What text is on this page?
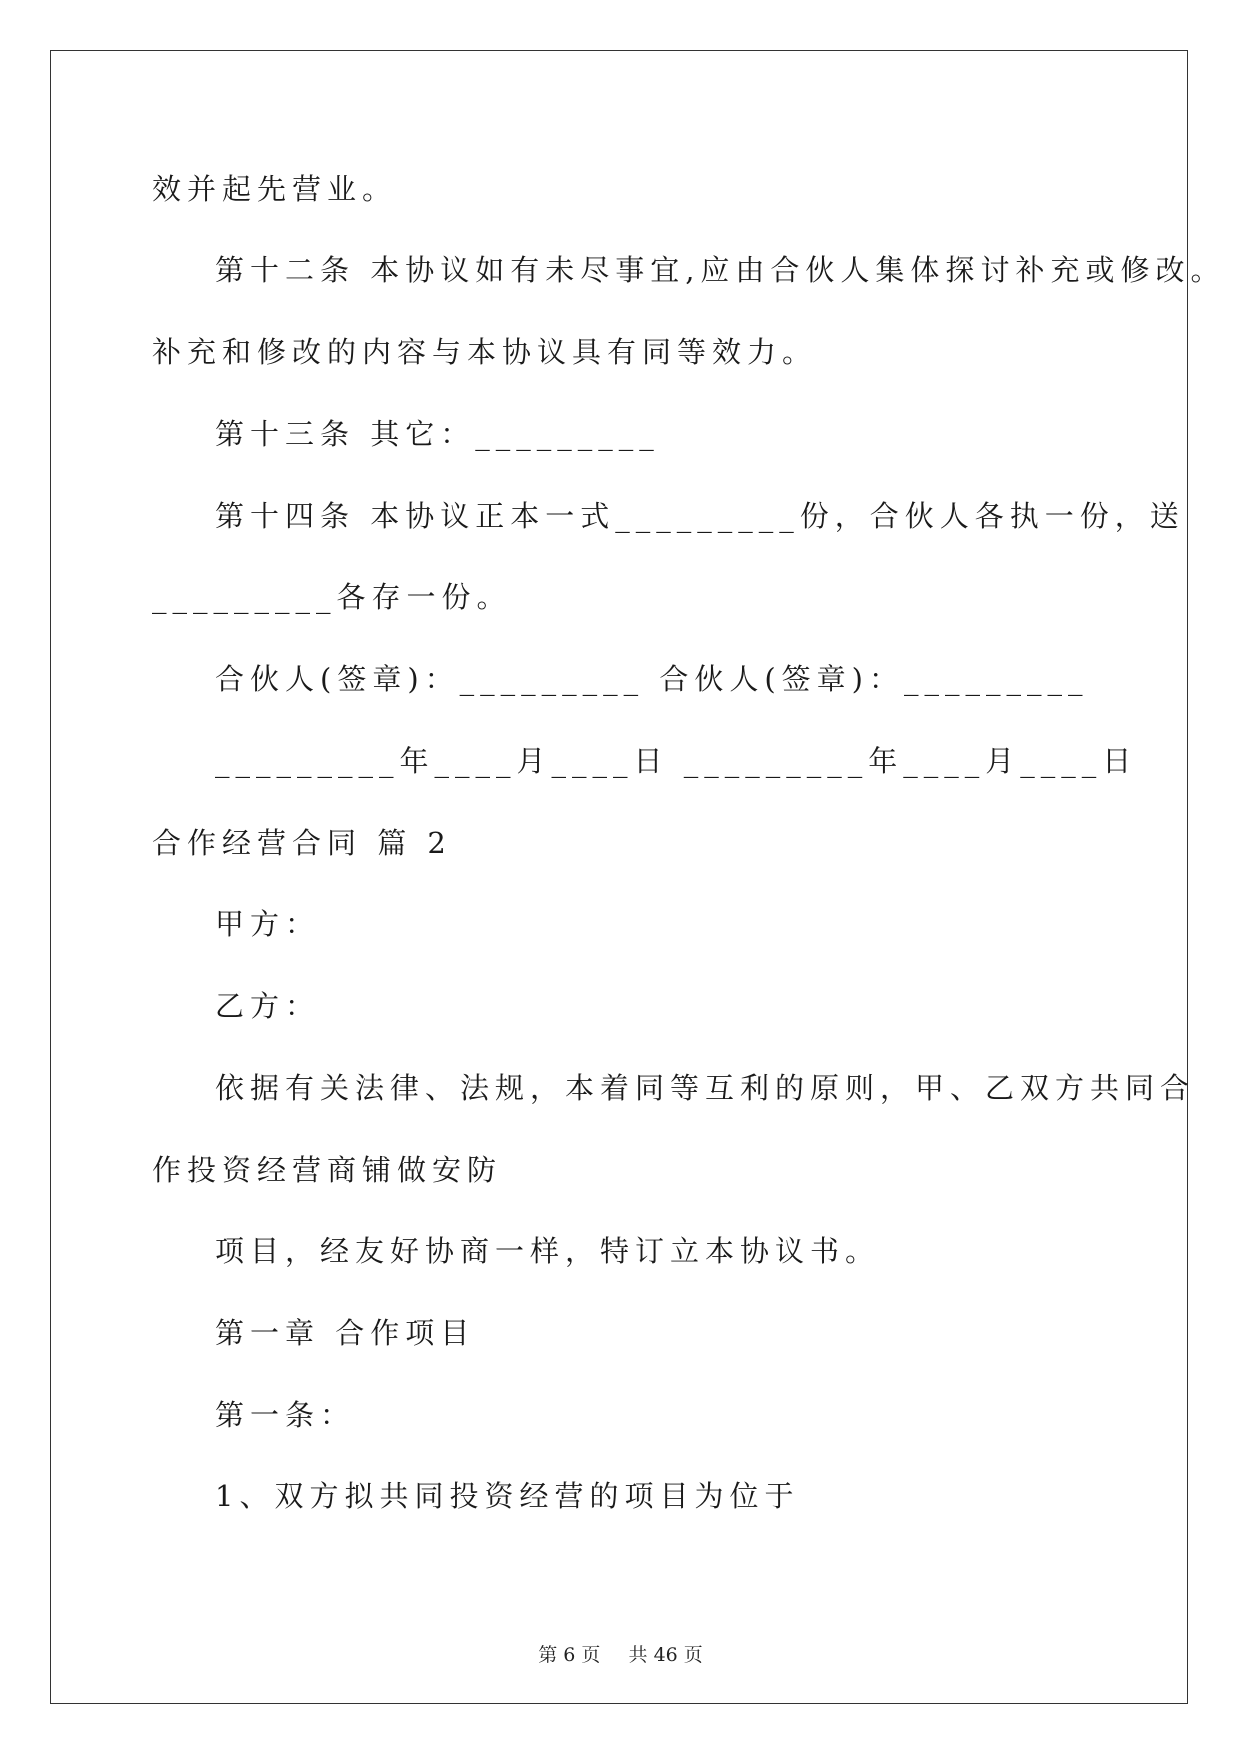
效并起先营业。
第十二条 本协议如有未尽事宜,应由合伙人集体探讨补充或修改。
补充和修改的内容与本协议具有同等效力。
第十三条 其它：_________
第十四条 本协议正本一式_________份，合伙人各执一份，送
_________各存一份。
合伙人(签章)：_________ 合伙人(签章)：_________
_________年____月____日 _________年____月____日
合作经营合同 篇 2
甲方：
乙方：
依据有关法律、法规，本着同等互利的原则，甲、乙双方共同合
作投资经营商铺做安防
项目，经友好协商一样，特订立本协议书。
第一章 合作项目
第一条：
1、双方拟共同投资经营的项目为位于
第 6 页 共 46 页
